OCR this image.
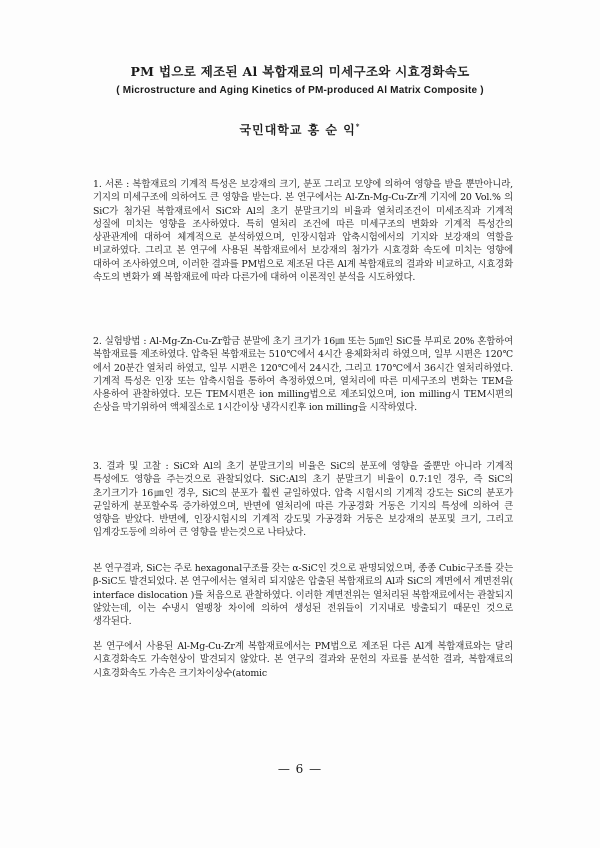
PM 법으로 제조된 Al 복합재료의 미세구조와 시효경화속도
( Microstructure and Aging Kinetics of PM-produced Al Matrix Composite )
국민대학교 홍 순 익*

1. 서론 : 복합재료의 기계적 특성은 보강재의 크기, 분포 그리고 모양에 의하여 영향을 받을 뿐만아니라, 기지의 미세구조에 의하여도 큰 영향을 받는다. 본 연구에서는 Al-Zn-Mg-Cu-Zr계 기지에 20 Vol.% 의 SiC가 첨가된 복합재료에서 SiC와 Al의 초기 분말크기의 비율과 열처리조건이 미세조직과 기계적 성질에 미치는 영향을 조사하였다. 특히 열처리 조건에 따른 미세구조의 변화와 기계적 특성간의 상관관계에 대하여 체계적으로 분석하였으며, 인장시험과 압축시험에서의 기지와 보강재의 역할을 비교하였다. 그리고 본 연구에 사용된 복합재료에서 보강재의 첨가가 시효경화 속도에 미치는 영향에 대하여 조사하였으며, 이러한 결과를 PM법으로 제조된 다른 Al계 복합재료의 결과와 비교하고, 시효경화 속도의 변화가 왜 복합재료에 따라 다른가에 대하여 이론적인 분석을 시도하였다.

2. 실험방법 : Al-Mg-Zn-Cu-Zr합금 분말에 초기 크기가 16㎛ 또는 5㎛인 SiC를 부피로 20% 혼합하여 복합재료를 제조하였다. 압축된 복합재료는 510℃에서 4시간 용체화처리 하였으며, 일부 시편은 120℃에서 20분간 열처리 하였고, 일부 시편은 120℃에서 24시간, 그리고 170℃에서 36시간 열처리하였다. 기계적 특성은 인장 또는 압축시험을 통하여 측정하였으며, 열처리에 따른 미세구조의 변화는 TEM을 사용하여 관찰하였다. 모든 TEM시편은 ion milling법으로 제조되었으며, ion milling시 TEM시편의 손상을 막기위하여 액체질소로 1시간이상 냉각시킨후 ion milling을 시작하였다.

3. 결과 및 고찰 : SiC와 Al의 초기 분말크기의 비율은 SiC의 분포에 영향을 줄뿐만 아니라 기계적 특성에도 영향을 주는것으로 관찰되었다. SiC:Al의 초기 분말크기 비율이 0.7:1인 경우, 즉 SiC의 초기크기가 16㎛인 경우, SiC의 분포가 훨씬 균일하였다. 압축 시험시의 기계적 강도는 SiC의 분포가 균일하게 분포할수록 증가하였으며, 반면에 열처리에 따른 가공경화 거동은 기지의 특성에 의하여 큰 영향을 받았다. 반면에, 인장시험시의 기계적 강도및 가공경화 거동은 보강재의 분포및 크기, 그리고 입계강도등에 의하여 큰 영향을 받는것으로 나타났다.

본 연구결과, SiC는 주로 hexagonal구조를 갖는 α-SiC인 것으로 판명되었으며, 종종 Cubic구조를 갖는 β-SiC도 발견되었다. 본 연구에서는 열처리 되지않은 압출된 복합재료의 Al과 SiC의 계면에서 계면전위( interface dislocation )를 처음으로 관찰하였다. 이러한 계면전위는 열처리된 복합재료에서는 관찰되지 않았는데, 이는 수냉시 열팽창 차이에 의하여 생성된 전위들이 기지내로 방출되기 때문인 것으로 생각된다.

본 연구에서 사용된 Al-Mg-Cu-Zr계 복합재료에서는 PM법으로 제조된 다른 Al계 복합재료와는 달리 시효경화속도 가속현상이 발견되지 않았다. 본 연구의 결과와 문헌의 자료를 분석한 결과, 복합재료의 시효경화속도 가속은 크기차이상수(atomic

— 6 —
